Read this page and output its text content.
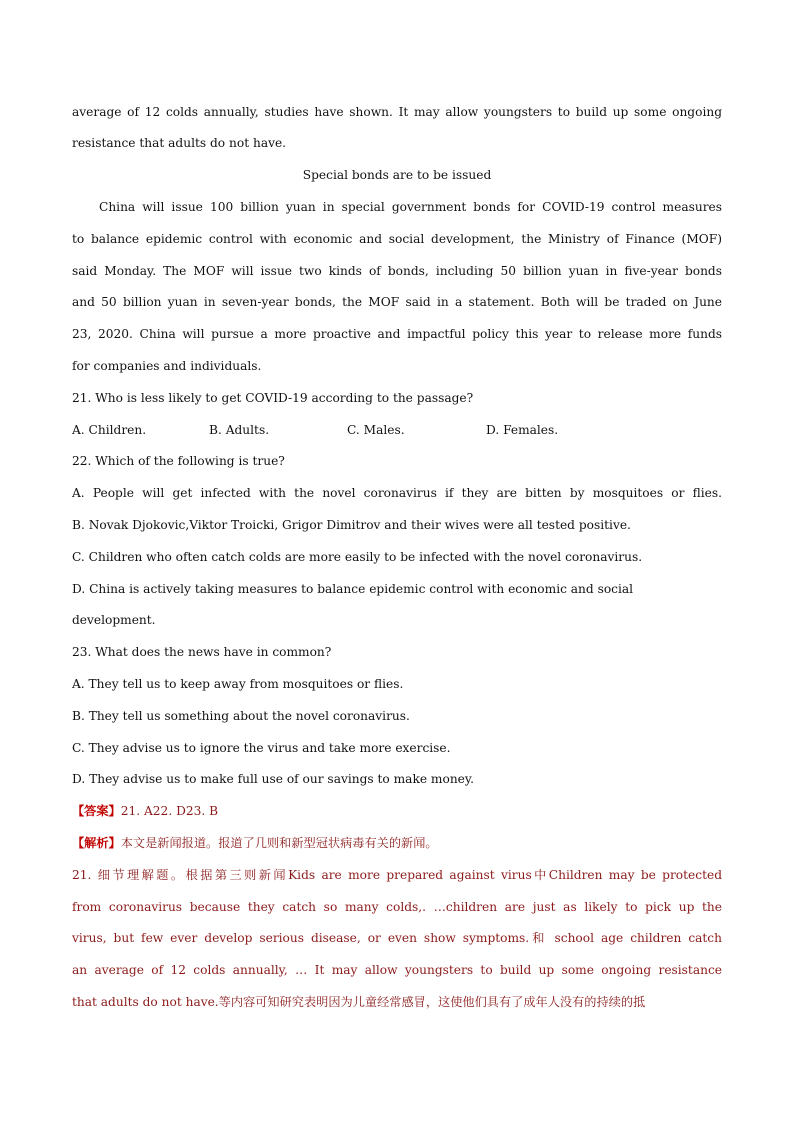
average of 12 colds annually, studies have shown. It may allow youngsters to build up some ongoing
resistance that adults do not have.
Special bonds are to be issued
China will issue 100 billion yuan in special government bonds for COVID-19 control measures
to balance epidemic control with economic and social development, the Ministry of Finance (MOF)
said Monday. The MOF will issue two kinds of bonds, including 50 billion yuan in five-year bonds
and 50 billion yuan in seven-year bonds, the MOF said in a statement. Both will be traded on June
23, 2020. China will pursue a more proactive and impactful policy this year to release more funds
for companies and individuals.
21. Who is less likely to get COVID-19 according to the passage?
A. Children.	B. Adults.	C. Males.	D. Females.
22. Which of the following is true?
A. People will get infected with the novel coronavirus if they are bitten by mosquitoes or flies.
B. Novak Djokovic,Viktor Troicki, Grigor Dimitrov and their wives were all tested positive.
C. Children who often catch colds are more easily to be infected with the novel coronavirus.
D. China is actively taking measures to balance epidemic control with economic and social
development.
23. What does the news have in common?
A. They tell us to keep away from mosquitoes or flies.
B. They tell us something about the novel coronavirus.
C. They advise us to ignore the virus and take more exercise.
D. They advise us to make full use of our savings to make money.
【答案】21. A22. D23. B
【解析】本文是新闻报道。报道了几则和新型冠状病毒有关的新闻。
21. 细节理解题。根据第三则新闻Kids are more prepared against virus中Children may be protected
from coronavirus because they catch so many colds,. …children are just as likely to pick up the
virus, but few ever develop serious disease, or even show symptoms.和 school age children catch
an average of 12 colds annually, … It may allow youngsters to build up some ongoing resistance
that adults do not have.等内容可知研究表明因为儿童经常感冒，这使他们具有了成年人没有的持续的抵
